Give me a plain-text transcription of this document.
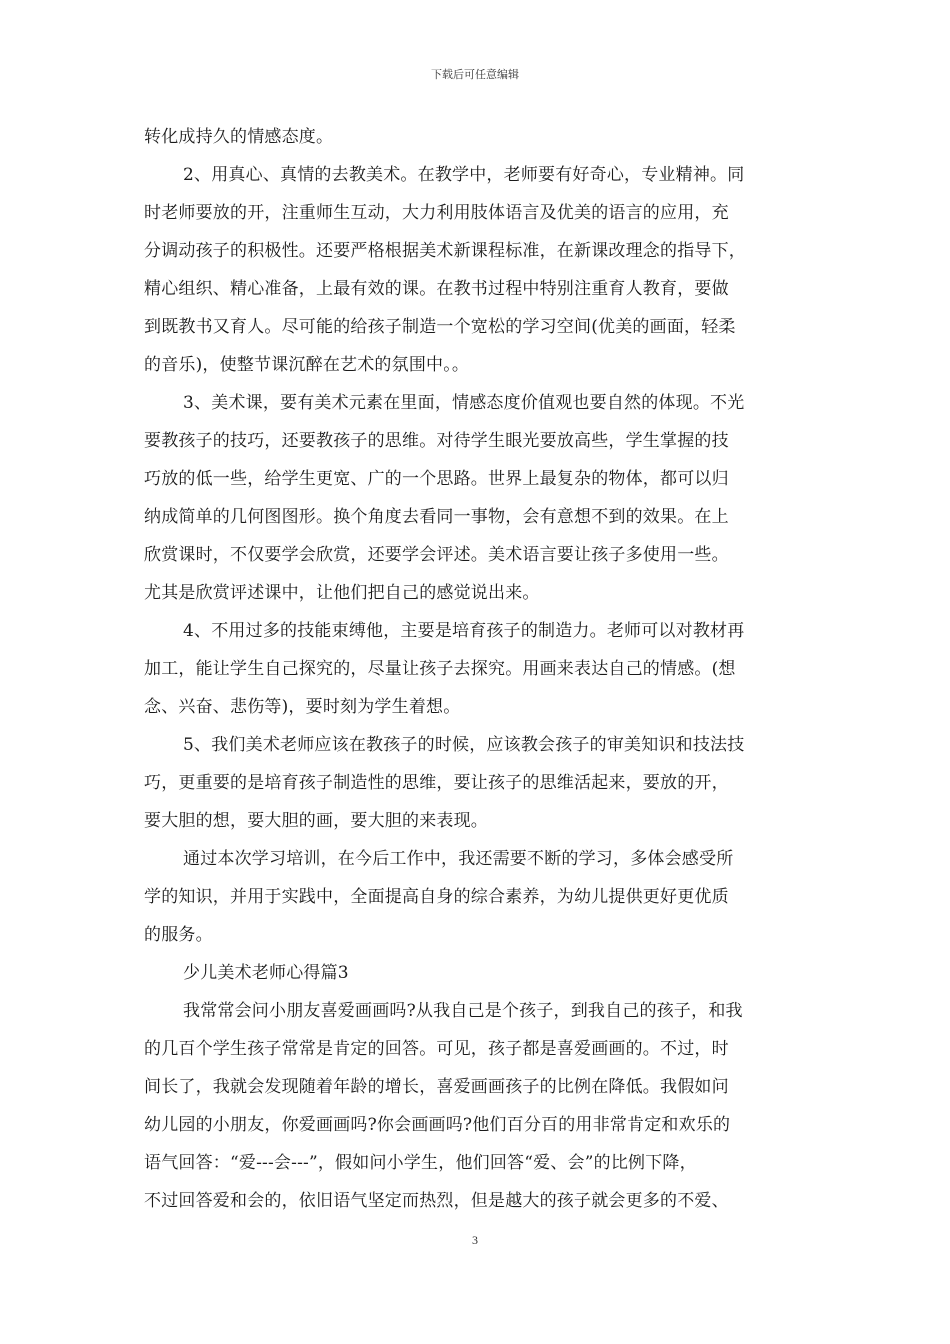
下载后可任意编辑
转化成持久的情感态度。
2、用真心、真情的去教美术。在教学中，老师要有好奇心，专业精神。同
时老师要放的开，注重师生互动，大力利用肢体语言及优美的语言的应用，充
分调动孩子的积极性。还要严格根据美术新课程标准，在新课改理念的指导下，
精心组织、精心准备，上最有效的课。在教书过程中特别注重育人教育，要做
到既教书又育人。尽可能的给孩子制造一个宽松的学习空间(优美的画面，轻柔
的音乐)，使整节课沉醉在艺术的氛围中。。
3、美术课，要有美术元素在里面，情感态度价值观也要自然的体现。不光
要教孩子的技巧，还要教孩子的思维。对待学生眼光要放高些，学生掌握的技
巧放的低一些，给学生更宽、广的一个思路。世界上最复杂的物体，都可以归
纳成简单的几何图图形。换个角度去看同一事物，会有意想不到的效果。在上
欣赏课时，不仅要学会欣赏，还要学会评述。美术语言要让孩子多使用一些。
尤其是欣赏评述课中，让他们把自己的感觉说出来。
4、不用过多的技能束缚他，主要是培育孩子的制造力。老师可以对教材再
加工，能让学生自己探究的，尽量让孩子去探究。用画来表达自己的情感。(想
念、兴奋、悲伤等)，要时刻为学生着想。
5、我们美术老师应该在教孩子的时候，应该教会孩子的审美知识和技法技
巧，更重要的是培育孩子制造性的思维，要让孩子的思维活起来，要放的开，
要大胆的想，要大胆的画，要大胆的来表现。
通过本次学习培训，在今后工作中，我还需要不断的学习，多体会感受所
学的知识，并用于实践中，全面提高自身的综合素养，为幼儿提供更好更优质
的服务。
少儿美术老师心得篇3
我常常会问小朋友喜爱画画吗?从我自己是个孩子，到我自己的孩子，和我
的几百个学生孩子常常是肯定的回答。可见，孩子都是喜爱画画的。不过，时
间长了，我就会发现随着年龄的增长，喜爱画画孩子的比例在降低。我假如问
幼儿园的小朋友，你爱画画吗?你会画画吗?他们百分百的用非常肯定和欢乐的
语气回答：“爱---会---”，假如问小学生，他们回答“爱、会”的比例下降，
不过回答爱和会的，依旧语气坚定而热烈，但是越大的孩子就会更多的不爱、
3
